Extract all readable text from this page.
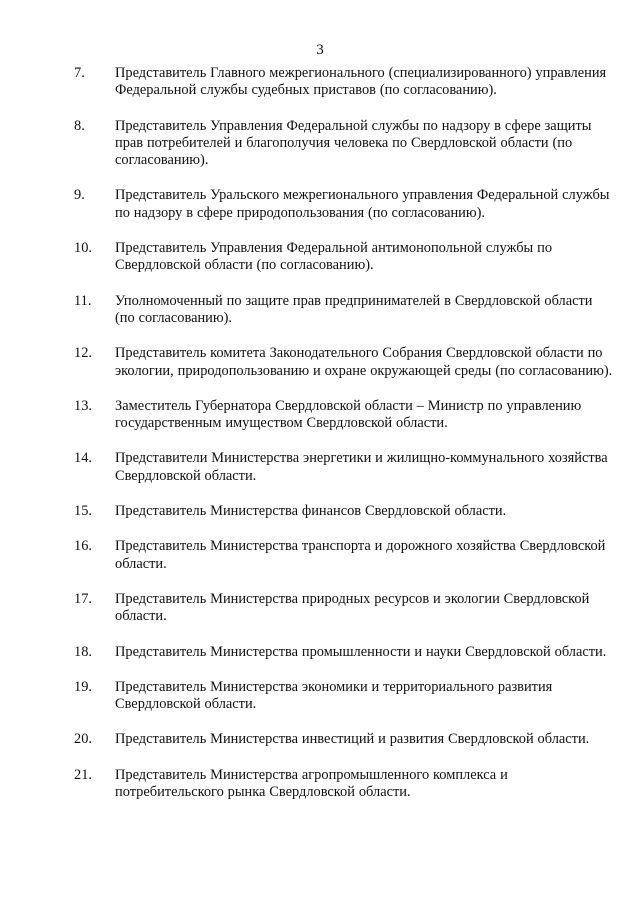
3
7.	Представитель Главного межрегионального (специализированного) управления Федеральной службы судебных приставов (по согласованию).
8.	Представитель Управления Федеральной службы по надзору в сфере защиты прав потребителей и благополучия человека по Свердловской области (по согласованию).
9.	Представитель Уральского межрегионального управления Федеральной службы по надзору в сфере природопользования (по согласованию).
10.	Представитель Управления Федеральной антимонопольной службы по Свердловской области (по согласованию).
11.	Уполномоченный по защите прав предпринимателей в Свердловской области (по согласованию).
12.	Представитель комитета Законодательного Собрания Свердловской области по экологии, природопользованию и охране окружающей среды (по согласованию).
13.	Заместитель Губернатора Свердловской области – Министр по управлению государственным имуществом Свердловской области.
14.	Представители Министерства энергетики и жилищно-коммунального хозяйства Свердловской области.
15.	Представитель Министерства финансов Свердловской области.
16.	Представитель Министерства транспорта и дорожного хозяйства Свердловской области.
17.	Представитель Министерства природных ресурсов и экологии Свердловской области.
18.	Представитель Министерства промышленности и науки Свердловской области.
19.	Представитель Министерства экономики и территориального развития Свердловской области.
20.	Представитель Министерства инвестиций и развития Свердловской области.
21.	Представитель Министерства агропромышленного комплекса и потребительского рынка Свердловской области.
